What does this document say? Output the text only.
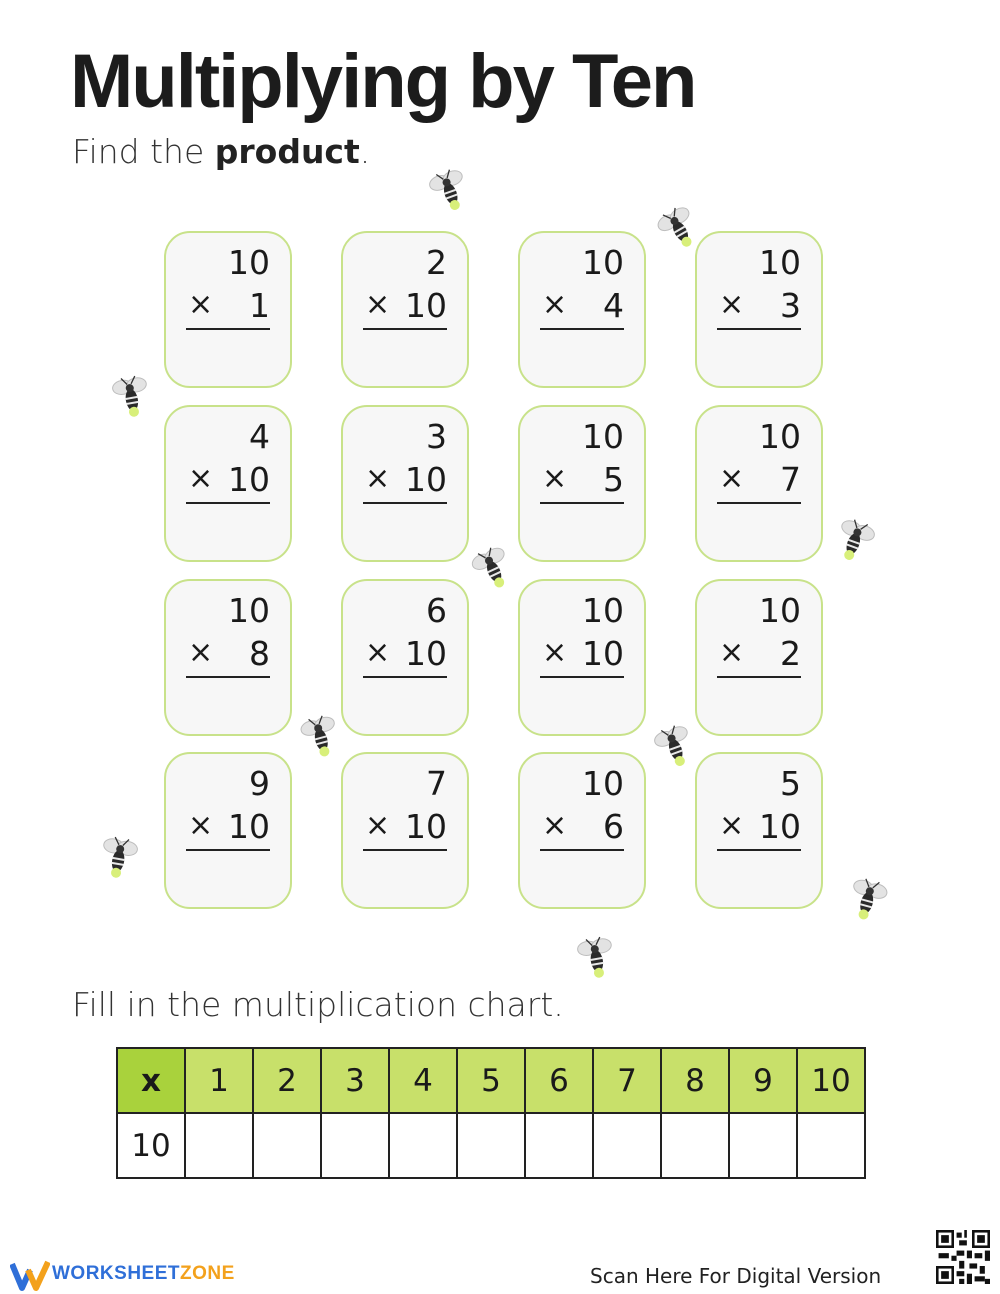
Multiplying by Ten

Find the product.

10
×	1
2
× 10
10
×	4
10
×	3
4
× 10
3
× 10
10
×	5
10
×	7
10
×	8
6
× 10
10
× 10
10
×	2
9
× 10
7
× 10
10
×	6
5
× 10

Fill in the multiplication chart.

x	1	2	3	4	5	6	7	8	9	10
10										
WORKSHEETZONE	Scan Here For Digital Version
